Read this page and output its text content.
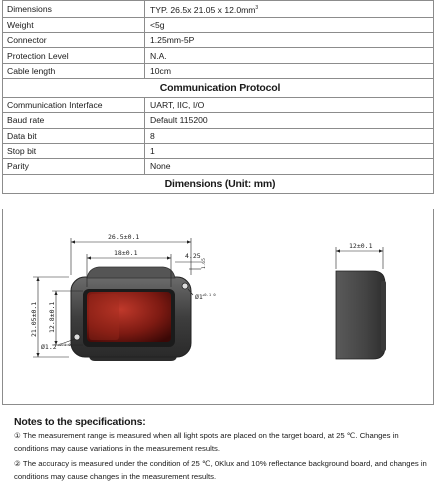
Dimensions	TYP. 26.5x 21.05 x $12.0mm^3$
Weight	<5g
Connector	1.25mm-5P
Protection Level	N.A.
Cable length	10cm
Communication Protocol	
Communication Interface	UART, IIC, I/O
Baud rate	Default 115200
Data bit	8
Stop bit	1
Parity	None
Dimensions (Unit: mm)	
26.5±0.1
18±0.1	4.25
1.65
Ø1 +0.1 0
21.05±0.1 12.8±0.1
Ø1.2 +0.1 0
12±0.1
Notes to the specifications:

① The measurement range is measured when all light spots are placed on the target board, at 25 ℃. Changes in conditions may cause variations in the measurement results.

② The accuracy is measured under the condition of 25 ℃, 0Klux and 10% reflectance background board, and changes in conditions may cause changes in the measurement results.
